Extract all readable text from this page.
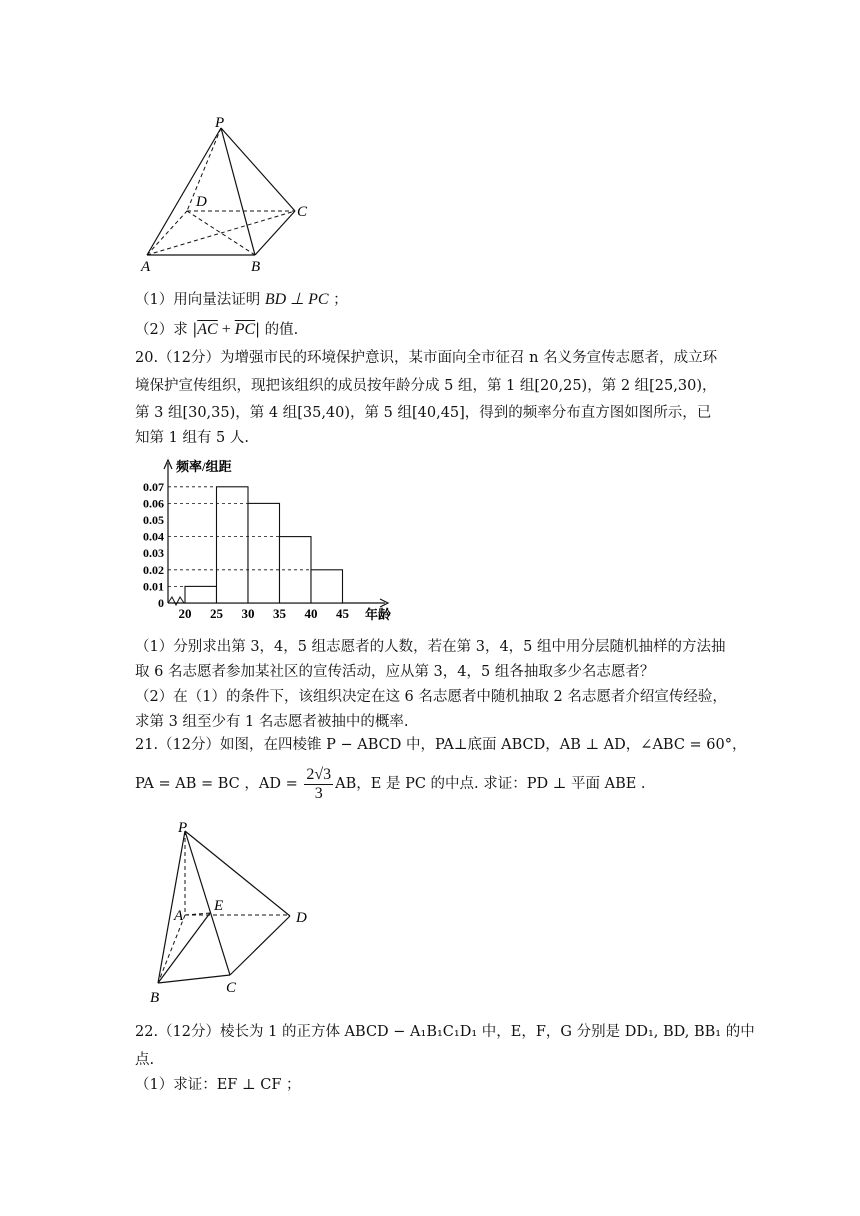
P
D
C
A	B
（1）用向量法证明 BD ⊥ PC ；
（2）求 $|\overline{AC} + \overline{PC}|$ 的值.
20.（12分）为增强市民的环境保护意识，某市面向全市征召 n 名义务宣传志愿者，成立环
境保护宣传组织，现把该组织的成员按年龄分成 5 组，第 1 组[20,25)，第 2 组[25,30)，
第 3 组[30,35)，第 4 组[35,40)，第 5 组[40,45]，得到的频率分布直方图如图所示，已
知第 1 组有 5 人.
0.07
0.06
0.05
0.04
0.03
0.02
0.01
0
20 25 30 35 40 45
频率/组距
年龄
（1）分别求出第 3，4，5 组志愿者的人数，若在第 3，4，5 组中用分层随机抽样的方法抽
取 6 名志愿者参加某社区的宣传活动，应从第 3，4，5 组各抽取多少名志愿者？
（2）在（1）的条件下，该组织决定在这 6 名志愿者中随机抽取 2 名志愿者介绍宣传经验，
求第 3 组至少有 1 名志愿者被抽中的概率.
21.（12分）如图，在四棱锥 P − ABCD 中，PA⊥底面 ABCD，AB ⊥ AD，∠ABC = 60°，
PA = AB = BC ，AD = $\frac{2√3}{3}$ AB，E 是 PC 的中点. 求证：PD ⊥ 平面 ABE .
P
A
E
D
B
C
22.（12分）棱长为 1 的正方体 ABCD − A₁B₁C₁D₁ 中，E，F，G 分别是 DD₁, BD, BB₁ 的中
点.
（1）求证：EF ⊥ CF ；
